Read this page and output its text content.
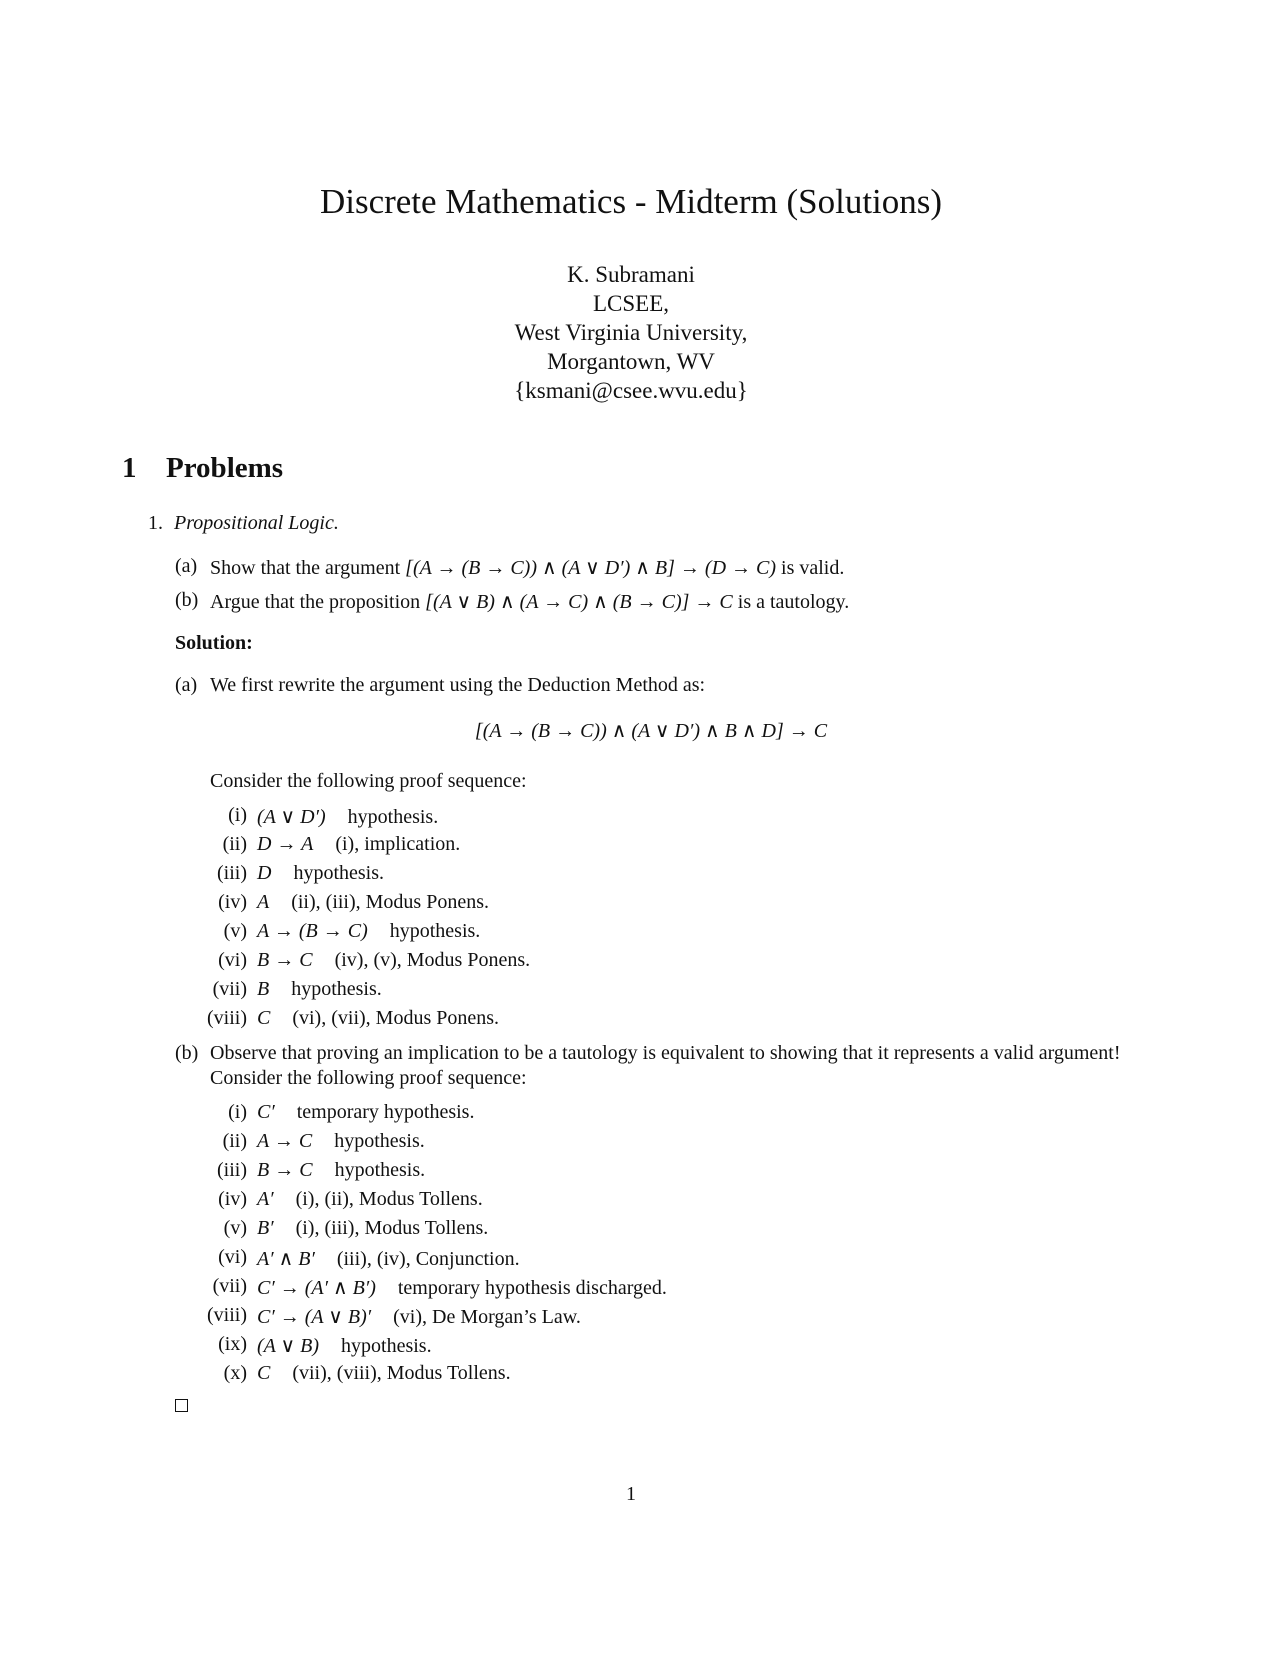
Discrete Mathematics - Midterm (Solutions)
K. Subramani
LCSEE,
West Virginia University,
Morgantown, WV
{ksmani@csee.wvu.edu}
1 Problems
1. Propositional Logic.
(a) Show that the argument [(A → (B → C)) ∧ (A ∨ D′) ∧ B] → (D → C) is valid.
(b) Argue that the proposition [(A ∨ B) ∧ (A → C) ∧ (B → C)] → C is a tautology.
Solution:
(a) We first rewrite the argument using the Deduction Method as:
[(A → (B → C)) ∧ (A ∨ D′) ∧ B ∧ D] → C
Consider the following proof sequence:
(i) (A ∨ D′) hypothesis.
(ii) D → A (i), implication.
(iii) D hypothesis.
(iv) A (ii), (iii), Modus Ponens.
(v) A → (B → C) hypothesis.
(vi) B → C (iv), (v), Modus Ponens.
(vii) B hypothesis.
(viii) C (vi), (vii), Modus Ponens.
(b) Observe that proving an implication to be a tautology is equivalent to showing that it represents a valid argument!
Consider the following proof sequence:
(i) C′ temporary hypothesis.
(ii) A → C hypothesis.
(iii) B → C hypothesis.
(iv) A′ (i), (ii), Modus Tollens.
(v) B′ (i), (iii), Modus Tollens.
(vi) A′ ∧ B′ (iii), (iv), Conjunction.
(vii) C′ → (A′ ∧ B′) temporary hypothesis discharged.
(viii) C′ → (A ∨ B)′ (vi), De Morgan’s Law.
(ix) (A ∨ B) hypothesis.
(x) C (vii), (viii), Modus Tollens.
1
